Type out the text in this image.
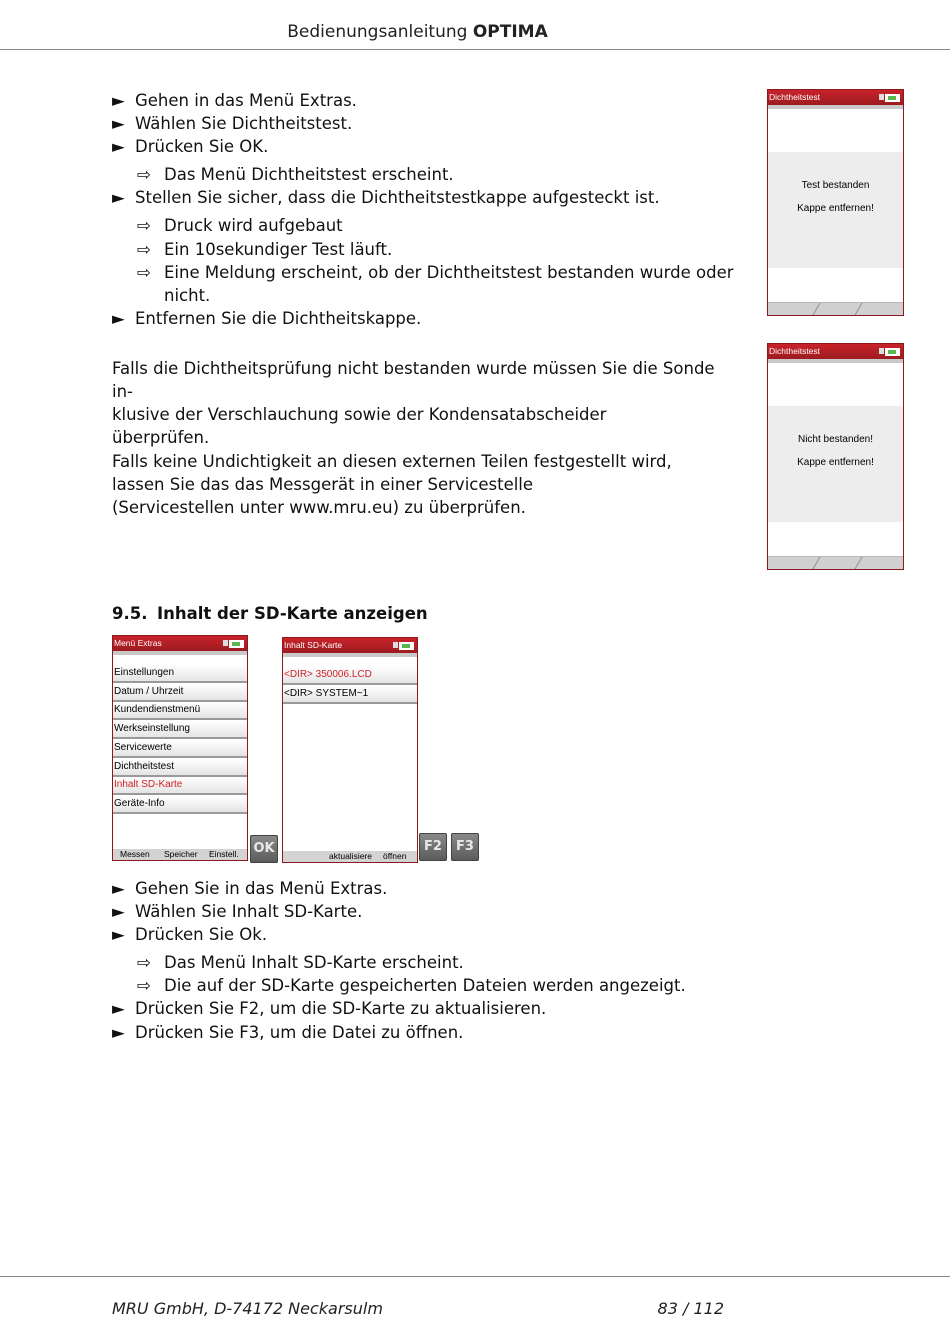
Bedienungsanleitung OPTIMA
► Gehen in das Menü Extras.
► Wählen Sie Dichtheitstest.
► Drücken Sie OK.
⇨ Das Menü Dichtheitstest erscheint.
► Stellen Sie sicher, dass die Dichtheitstestkappe aufgesteckt ist.
⇨ Druck wird aufgebaut
⇨ Ein 10sekundiger Test läuft.
⇨ Eine Meldung erscheint, ob der Dichtheitstest bestanden wurde oder nicht.
► Entfernen Sie die Dichtheitskappe.

Falls die Dichtheitsprüfung nicht bestanden wurde müssen Sie die Sonde in-

klusive der Verschlauchung sowie der Kondensatabscheider

überprüfen.

Falls keine Undichtigkeit an diesen externen Teilen festgestellt wird,

lassen Sie das das Messgerät in einer Servicestelle

(Servicestellen unter www.mru.eu) zu überprüfen.

Dichtheitstest
Test bestanden
Kappe entfernen!
Dichtheitstest
Nicht bestanden!
Kappe entfernen!
9.5. Inhalt der SD-Karte anzeigen
Menü Extras
Einstellungen
Datum / Uhrzeit
Kundendienstmenü
Werkseinstellung
Servicewerte
Dichtheitstest
Inhalt SD-Karte
Geräte-Info
Messen Speicher Einstell. OK
Inhalt SD-Karte
<DIR> 350006.LCD
<DIR> SYSTEM~1
aktualisiere öffnen
F2	F3
► Gehen Sie in das Menü Extras.
► Wählen Sie Inhalt SD-Karte.
► Drücken Sie Ok.
⇨ Das Menü Inhalt SD-Karte erscheint.
⇨ Die auf der SD-Karte gespeicherten Dateien werden angezeigt.
► Drücken Sie F2, um die SD-Karte zu aktualisieren.
► Drücken Sie F3, um die Datei zu öffnen.
MRU GmbH, D-74172 Neckarsulm	83 / 112
